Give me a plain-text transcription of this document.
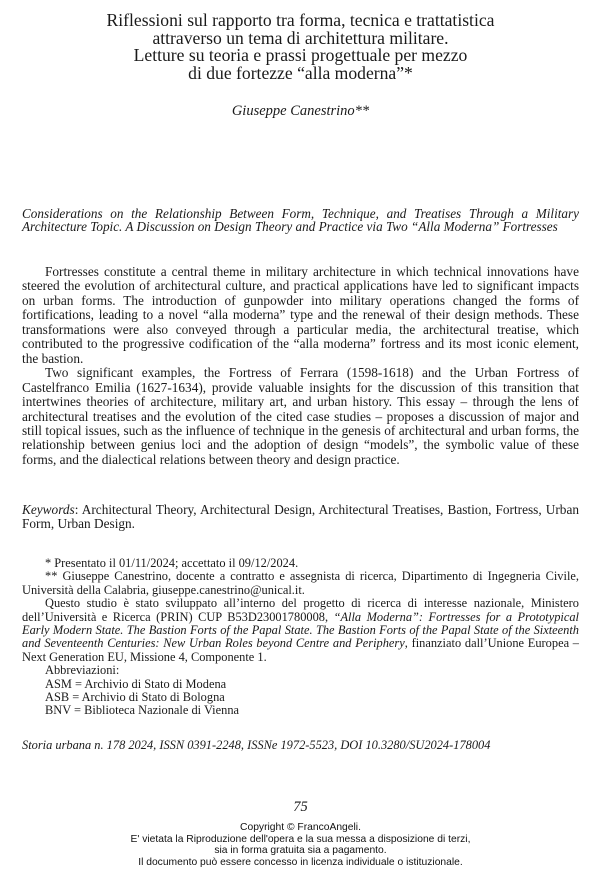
Riflessioni sul rapporto tra forma, tecnica e trattatistica
attraverso un tema di architettura militare.
Letture su teoria e prassi progettuale per mezzo
di due fortezze “alla moderna”*
Giuseppe Canestrino**
Considerations on the Relationship Between Form, Technique, and Treatises Through a Military Architecture Topic. A Discussion on Design Theory and Practice via Two “Alla Moderna” Fortresses

Fortresses constitute a central theme in military architecture in which technical innovations have steered the evolution of architectural culture, and practical applications have led to significant impacts on urban forms. The introduction of gunpowder into military operations changed the forms of fortifications, leading to a novel “alla moderna” type and the renewal of their design methods. These transformations were also conveyed through a particular media, the architectural treatise, which contributed to the progressive codification of the “alla moderna” fortress and its most iconic element, the bastion.

Two significant examples, the Fortress of Ferrara (1598-1618) and the Urban Fortress of Castelfranco Emilia (1627-1634), provide valuable insights for the discussion of this transition that intertwines theories of architecture, military art, and urban history. This essay – through the lens of architectural treatises and the evolution of the cited case studies – proposes a discussion of major and still topical issues, such as the influence of technique in the genesis of architectural and urban forms, the relationship between genius loci and the adoption of design “models”, the symbolic value of these forms, and the dialectical relations between theory and design practice.

Keywords: Architectural Theory, Architectural Design, Architectural Treatises, Bastion, Fortress, Urban Form, Urban Design.

* Presentato il 01/11/2024; accettato il 09/12/2024.

** Giuseppe Canestrino, docente a contratto e assegnista di ricerca, Dipartimento di Ingegneria Civile, Università della Calabria, giuseppe.canestrino@unical.it.

Questo studio è stato sviluppato all’interno del progetto di ricerca di interesse nazionale, Ministero dell’Università e Ricerca (PRIN) CUP B53D23001780008, “Alla Moderna”: Fortresses for a Prototypical Early Modern State. The Bastion Forts of the Papal State. The Bastion Forts of the Papal State of the Sixteenth and Seventeenth Centuries: New Urban Roles beyond Centre and Periphery, finanziato dall’Unione Europea – Next Generation EU, Missione 4, Componente 1.

Abbreviazioni:
ASM = Archivio di Stato di Modena
ASB = Archivio di Stato di Bologna
BNV = Biblioteca Nazionale di Vienna
Storia urbana n. 178 2024, ISSN 0391-2248, ISSNe 1972-5523, DOI 10.3280/SU2024-178004
75
Copyright © FrancoAngeli.
E' vietata la Riproduzione dell'opera e la sua messa a disposizione di terzi,
sia in forma gratuita sia a pagamento.
Il documento può essere concesso in licenza individuale o istituzionale.
